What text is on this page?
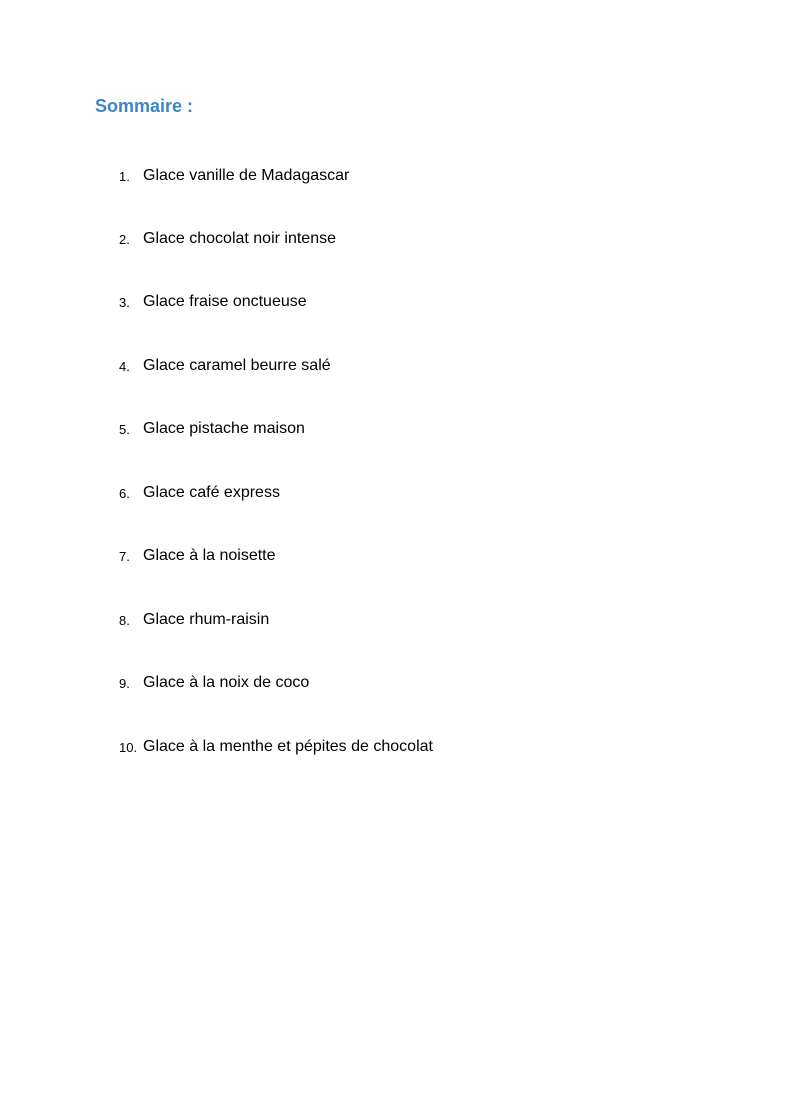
Sommaire :
1. Glace vanille de Madagascar
2. Glace chocolat noir intense
3. Glace fraise onctueuse
4. Glace caramel beurre salé
5. Glace pistache maison
6. Glace café express
7. Glace à la noisette
8. Glace rhum-raisin
9. Glace à la noix de coco
10. Glace à la menthe et pépites de chocolat
